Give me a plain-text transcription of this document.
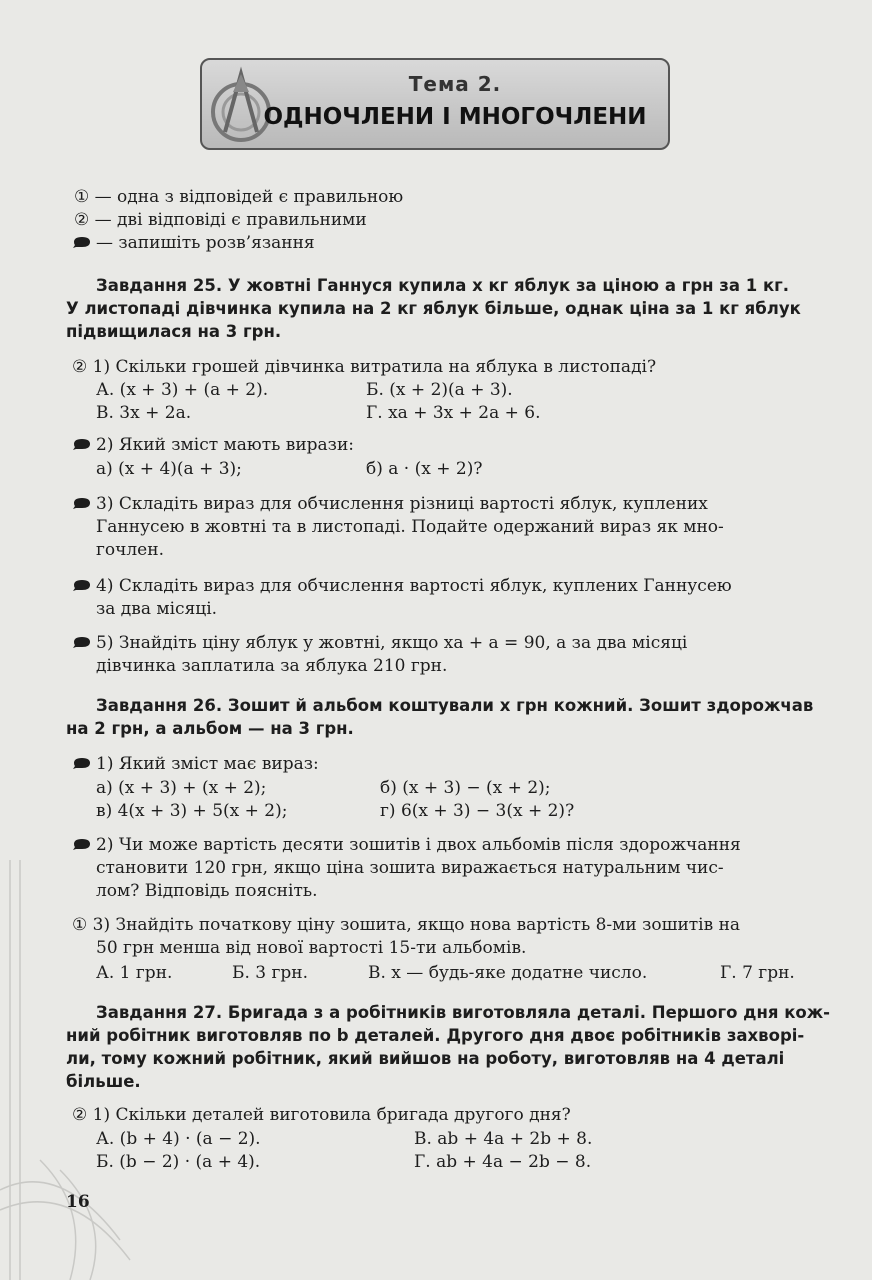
Тема 2.
ОДНОЧЛЕНИ І МНОГОЧЛЕНИ
① — одна з відповідей є правильною
② — дві відповіді є правильними
— запишіть розв’язання
Завдання 25. У жовтні Ганнуся купила x кг яблук за ціною a грн за 1 кг.
У листопаді дівчинка купила на 2 кг яблук більше, однак ціна за 1 кг яблук
підвищилася на 3 грн.
② 1) Скільки грошей дівчинка витратила на яблука в листопаді?
А. (x + 3) + (a + 2).	Б. (x + 2)(a + 3).
В. 3x + 2a.	Г. xa + 3x + 2a + 6.
2) Який зміст мають вирази:
а) (x + 4)(a + 3);	б) a · (x + 2)?
3) Складіть вираз для обчислення різниці вартості яблук, куплених
Ганнусею в жовтні та в листопаді. Подайте одержаний вираз як мно-
гочлен.
4) Складіть вираз для обчислення вартості яблук, куплених Ганнусею
за два місяці.
5) Знайдіть ціну яблук у жовтні, якщо xa + a = 90, а за два місяці
дівчинка заплатила за яблука 210 грн.
Завдання 26. Зошит й альбом коштували x грн кожний. Зошит здорожчав
на 2 грн, а альбом — на 3 грн.
1) Який зміст має вираз:
а) (x + 3) + (x + 2);	б) (x + 3) − (x + 2);
в) 4(x + 3) + 5(x + 2);	г) 6(x + 3) − 3(x + 2)?
2) Чи може вартість десяти зошитів і двох альбомів після здорожчання
становити 120 грн, якщо ціна зошита виражається натуральним чис-
лом? Відповідь поясніть.
① 3) Знайдіть початкову ціну зошита, якщо нова вартість 8-ми зошитів на
50 грн менша від нової вартості 15-ти альбомів.
А. 1 грн.	Б. 3 грн.	В. x — будь-яке додатне число.	Г. 7 грн.
Завдання 27. Бригада з a робітників виготовляла деталі. Першого дня кож-
ний робітник виготовляв по b деталей. Другого дня двоє робітників захворі-
ли, тому кожний робітник, який вийшов на роботу, виготовляв на 4 деталі
більше.
② 1) Скільки деталей виготовила бригада другого дня?
А. (b + 4) · (a − 2).	В. ab + 4a + 2b + 8.
Б. (b − 2) · (a + 4).	Г. ab + 4a − 2b − 8.
16
